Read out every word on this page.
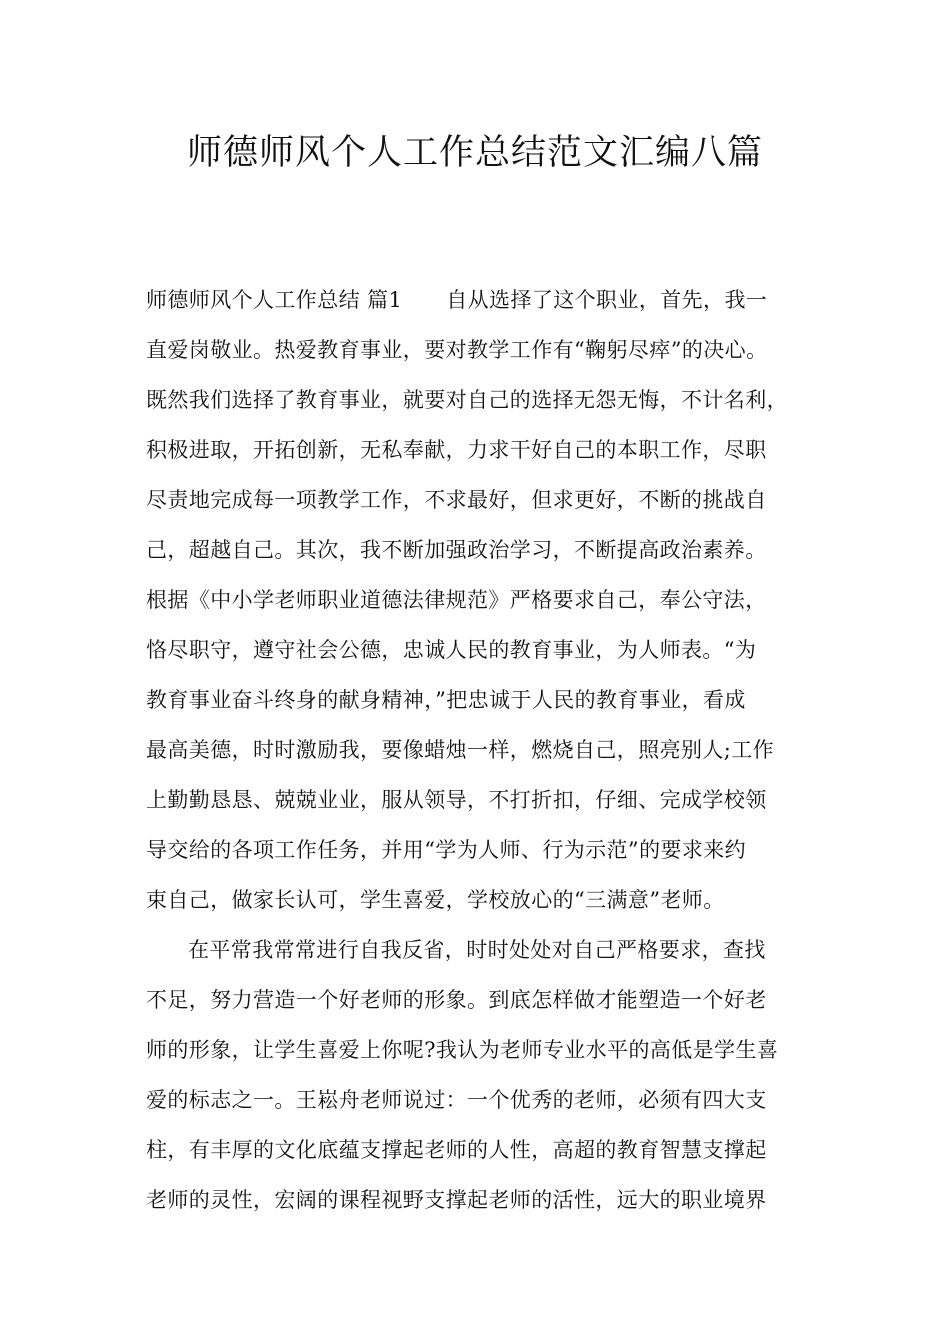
师德师风个人工作总结范文汇编八篇
师德师风个人工作总结 篇1 自从选择了这个职业，首先，我一
直爱岗敬业。热爱教育事业，要对教学工作有“鞠躬尽瘁”的决心。
既然我们选择了教育事业，就要对自己的选择无怨无悔，不计名利，
积极进取，开拓创新，无私奉献，力求干好自己的本职工作，尽职
尽责地完成每一项教学工作，不求最好，但求更好，不断的挑战自
己，超越自己。其次，我不断加强政治学习，不断提高政治素养。
根据《中小学老师职业道德法律规范》严格要求自己，奉公守法，
恪尽职守，遵守社会公德，忠诚人民的教育事业，为人师表。“为
教育事业奋斗终身的献身精神，”把忠诚于人民的教育事业，看成
最高美德，时时激励我，要像蜡烛一样，燃烧自己，照亮别人;工作
上勤勤恳恳、兢兢业业，服从领导，不打折扣，仔细、完成学校领
导交给的各项工作任务，并用“学为人师、行为示范”的要求来约
束自己，做家长认可，学生喜爱，学校放心的“三满意”老师。
在平常我常常进行自我反省，时时处处对自己严格要求，查找
不足，努力营造一个好老师的形象。到底怎样做才能塑造一个好老
师的形象，让学生喜爱上你呢?我认为老师专业水平的高低是学生喜
爱的标志之一。王崧舟老师说过：一个优秀的老师，必须有四大支
柱，有丰厚的文化底蕴支撑起老师的人性，高超的教育智慧支撑起
老师的灵性，宏阔的课程视野支撑起老师的活性，远大的职业境界
